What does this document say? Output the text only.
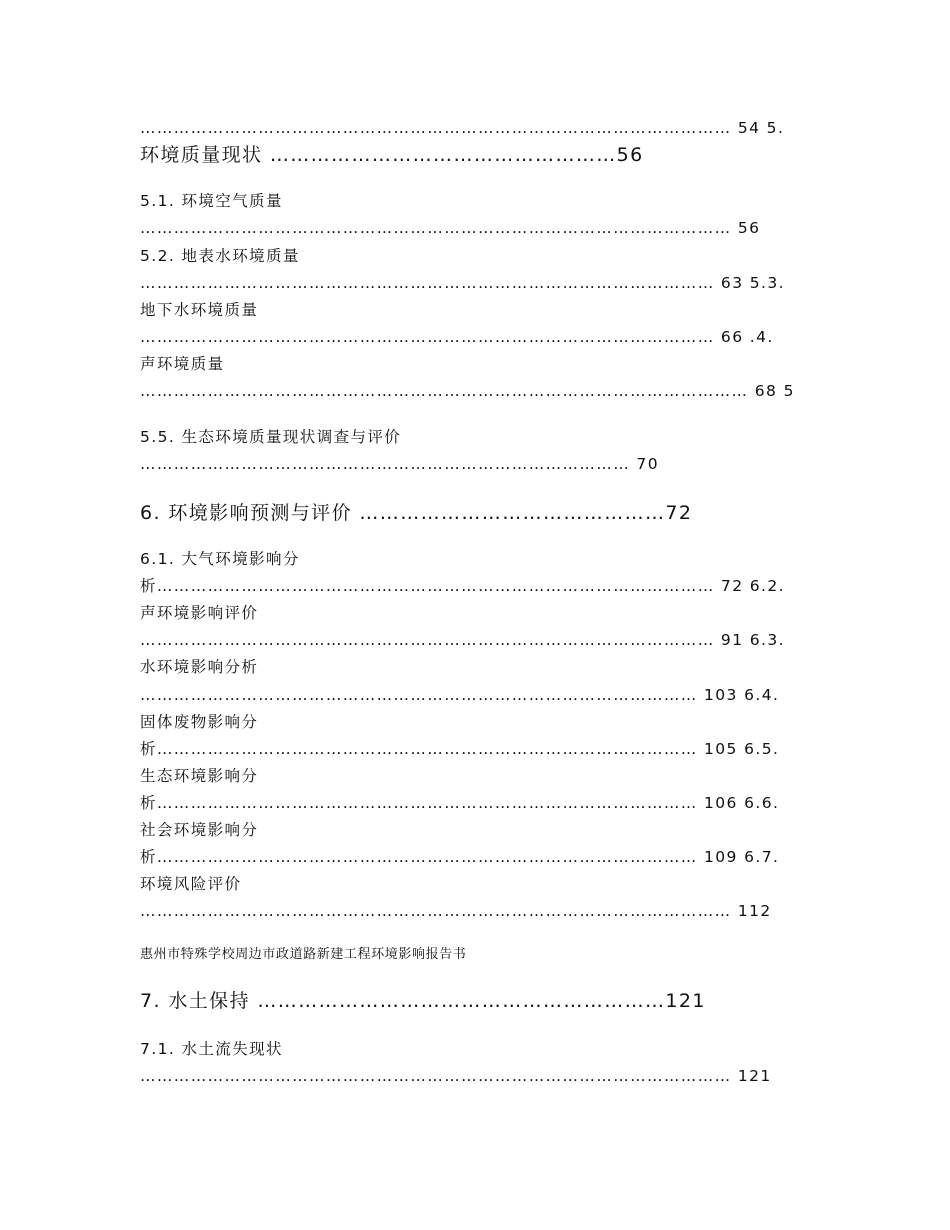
…………………………………………………………………………………………… 54 5.

环境质量现状 ……………………………………………56

5.1. 环境空气质量

…………………………………………………………………………………………… 56

5.2. 地表水环境质量

………………………………………………………………………………………… 63 5.3.

地下水环境质量

………………………………………………………………………………………… 66 .4.

声环境质量

……………………………………………………………………………………………… 68 5

5.5. 生态环境质量现状调查与评价

…………………………………………………………………………… 70

6. 环境影响预测与评价 ………………………………………72

6.1. 大气环境影响分

析……………………………………………………………………………………… 72 6.2.

声环境影响评价

………………………………………………………………………………………… 91 6.3.

水环境影响分析

……………………………………………………………………………………… 103 6.4.

固体废物影响分

析…………………………………………………………………………………… 105 6.5.

生态环境影响分

析…………………………………………………………………………………… 106 6.6.

社会环境影响分

析…………………………………………………………………………………… 109 6.7.

环境风险评价

…………………………………………………………………………………………… 112

惠州市特殊学校周边市政道路新建工程环境影响报告书

7. 水土保持 ……………………………………………………121

7.1. 水土流失现状

…………………………………………………………………………………………… 121
